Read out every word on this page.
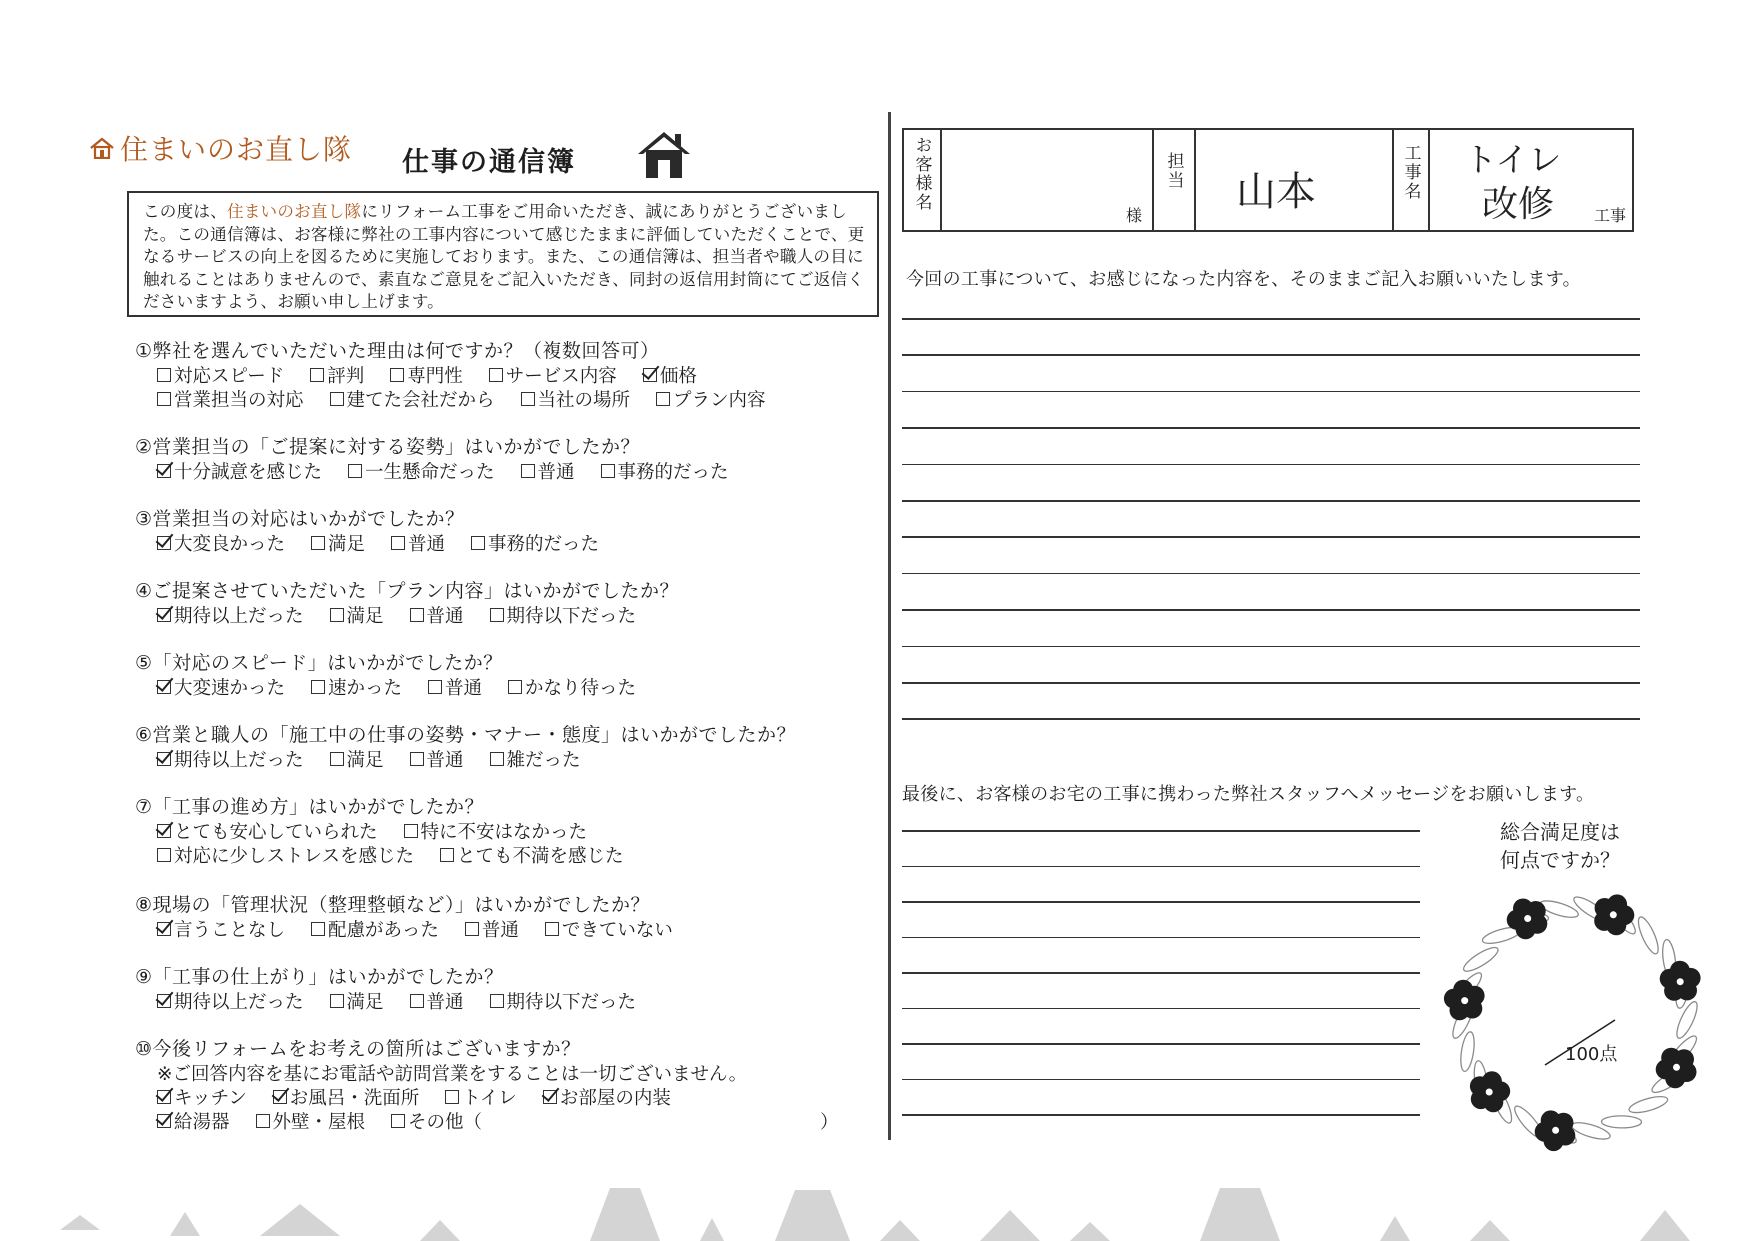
住まいのお直し隊 仕事の通信簿

この度は、住まいのお直し隊にリフォーム工事をご用命いただき、誠にありがとうございました。この通信簿は、お客様に弊社の工事内容について感じたままに評価していただくことで、更なるサービスの向上を図るために実施しております。また、この通信簿は、担当者や職人の目に触れることはありませんので、素直なご意見をご記入いただき、同封の返信用封筒にてご返信くださいますよう、お願い申し上げます。

①弊社を選んでいただいた理由は何ですか？（複数回答可）
対応スピード 評判 専門性 サービス内容 価格
営業担当の対応 建てた会社だから 当社の場所 プラン内容
②営業担当の「ご提案に対する姿勢」はいかがでしたか？
十分誠意を感じた 一生懸命だった 普通 事務的だった
③営業担当の対応はいかがでしたか？
大変良かった 満足 普通 事務的だった
④ご提案させていただいた「プラン内容」はいかがでしたか？
期待以上だった 満足 普通 期待以下だった
⑤「対応のスピード」はいかがでしたか？
大変速かった 速かった 普通 かなり待った
⑥営業と職人の「施工中の仕事の姿勢・マナー・態度」はいかがでしたか？
期待以上だった 満足 普通 雑だった
⑦「工事の進め方」はいかがでしたか？
とても安心していられた 特に不安はなかった
対応に少しストレスを感じた とても不満を感じた
⑧現場の「管理状況（整理整頓など）」はいかがでしたか？
言うことなし 配慮があった 普通 できていない
⑨「工事の仕上がり」はいかがでしたか？
期待以上だった 満足 普通 期待以下だった
⑩今後リフォームをお考えの箇所はございますか？
※ご回答内容を基にお電話や訪問営業をすることは一切ございません。
キッチン お風呂・洗面所 トイレ お部屋の内装
給湯器 外壁・屋根 その他（	）
お客様名
様
担当 山本	工事名 トイレ
改修 工事
今回の工事について、お感じになった内容を、そのままご記入お願いいたします。
最後に、お客様のお宅の工事に携わった弊社スタッフへメッセージをお願いします。
総合満足度は
何点ですか？
100点
